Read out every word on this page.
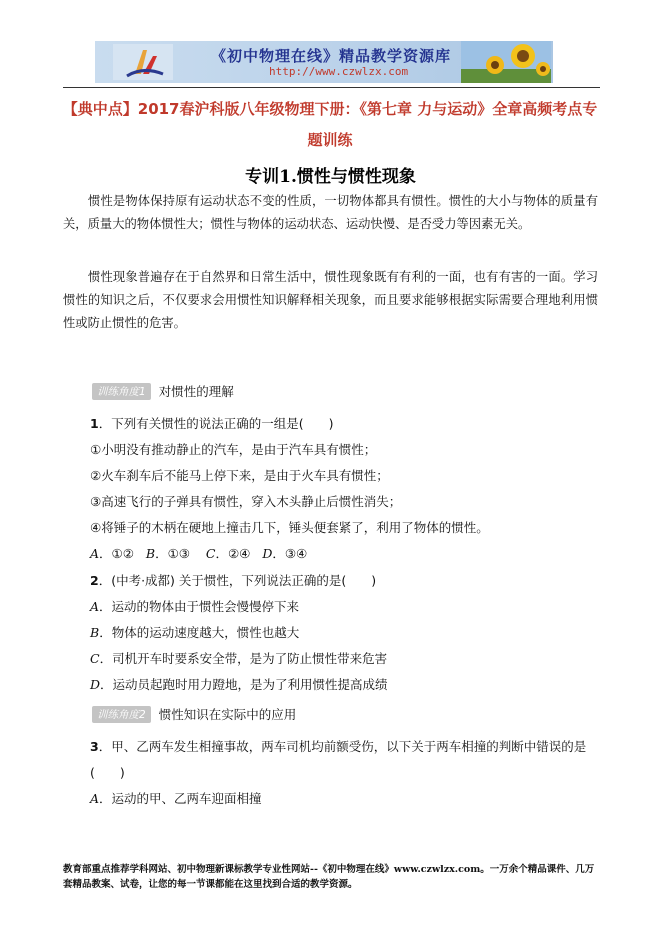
《初中物理在线》精品教学资源库
http://www.czwlzx.com
【典中点】2017春沪科版八年级物理下册：《第七章 力与运动》全章高频考点专题训练
专训1.惯性与惯性现象
惯性是物体保持原有运动状态不变的性质，一切物体都具有惯性。惯性的大小与物体的质量有关，质量大的物体惯性大；惯性与物体的运动状态、运动快慢、是否受力等因素无关。
惯性现象普遍存在于自然界和日常生活中，惯性现象既有有利的一面，也有有害的一面。学习惯性的知识之后，不仅要求会用惯性知识解释相关现象，而且要求能够根据实际需要合理地利用惯性或防止惯性的危害。
训练角度1	对惯性的理解
1．下列有关惯性的说法正确的一组是(　　)
①小明没有推动静止的汽车，是由于汽车具有惯性；
②火车刹车后不能马上停下来，是由于火车具有惯性；
③高速飞行的子弹具有惯性，穿入木头静止后惯性消失；
④将锤子的木柄在硬地上撞击几下，锤头便套紧了，利用了物体的惯性。
A．①② B．①③ C．②④ D．③④
2．(中考·成都) 关于惯性，下列说法正确的是(　　)
A．运动的物体由于惯性会慢慢停下来
B．物体的运动速度越大，惯性也越大
C．司机开车时要系安全带，是为了防止惯性带来危害
D．运动员起跑时用力蹬地，是为了利用惯性提高成绩
训练角度2	惯性知识在实际中的应用
3．甲、乙两车发生相撞事故，两车司机均前额受伤，以下关于两车相撞的判断中错误的是(　　)
A．运动的甲、乙两车迎面相撞
教育部重点推荐学科网站、初中物理新课标教学专业性网站--《初中物理在线》www.czwlzx.com。一万余个精品课件、几万套精品教案、试卷，让您的每一节课都能在这里找到合适的教学资源。
